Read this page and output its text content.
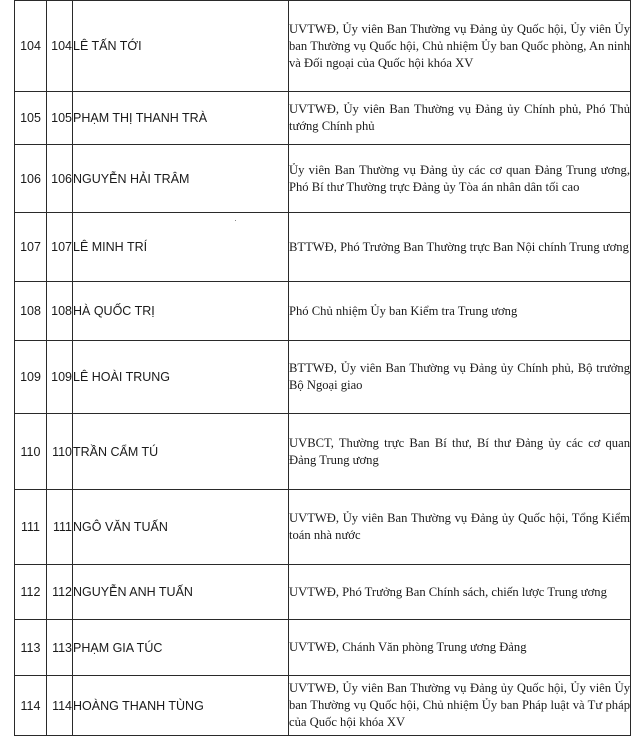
104	104	LÊ TẤN TỚI	UVTWĐ, Ủy viên Ban Thường vụ Đảng ủy Quốc hội, Ủy viên Ủy ban Thường vụ Quốc hội, Chủ nhiệm Ủy ban Quốc phòng, An ninh và Đối ngoại của Quốc hội khóa XV
105	105	PHẠM THỊ THANH TRÀ	UVTWĐ, Ủy viên Ban Thường vụ Đảng ủy Chính phủ, Phó Thủ tướng Chính phủ
106	106	NGUYỄN HẢI TRÂM	Ủy viên Ban Thường vụ Đảng ủy các cơ quan Đảng Trung ương, Phó Bí thư Thường trực Đảng ủy Tòa án nhân dân tối cao
107	107	LÊ MINH TRÍ	BTTWĐ, Phó Trưởng Ban Thường trực Ban Nội chính Trung ương
108	108	HÀ QUỐC TRỊ	Phó Chủ nhiệm Ủy ban Kiểm tra Trung ương
109	109	LÊ HOÀI TRUNG	BTTWĐ, Ủy viên Ban Thường vụ Đảng ủy Chính phủ, Bộ trưởng Bộ Ngoại giao
110	110	TRẦN CẨM TÚ	UVBCT, Thường trực Ban Bí thư, Bí thư Đảng ủy các cơ quan Đảng Trung ương
111	111	NGÔ VĂN TUẤN	UVTWĐ, Ủy viên Ban Thường vụ Đảng ủy Quốc hội, Tổng Kiểm toán nhà nước
112	112	NGUYỄN ANH TUẤN	UVTWĐ, Phó Trưởng Ban Chính sách, chiến lược Trung ương
113	113	PHẠM GIA TÚC	UVTWĐ, Chánh Văn phòng Trung ương Đảng
114	114	HOÀNG THANH TÙNG	UVTWĐ, Ủy viên Ban Thường vụ Đảng ủy Quốc hội, Ủy viên Ủy ban Thường vụ Quốc hội, Chủ nhiệm Ủy ban Pháp luật và Tư pháp của Quốc hội khóa XV
